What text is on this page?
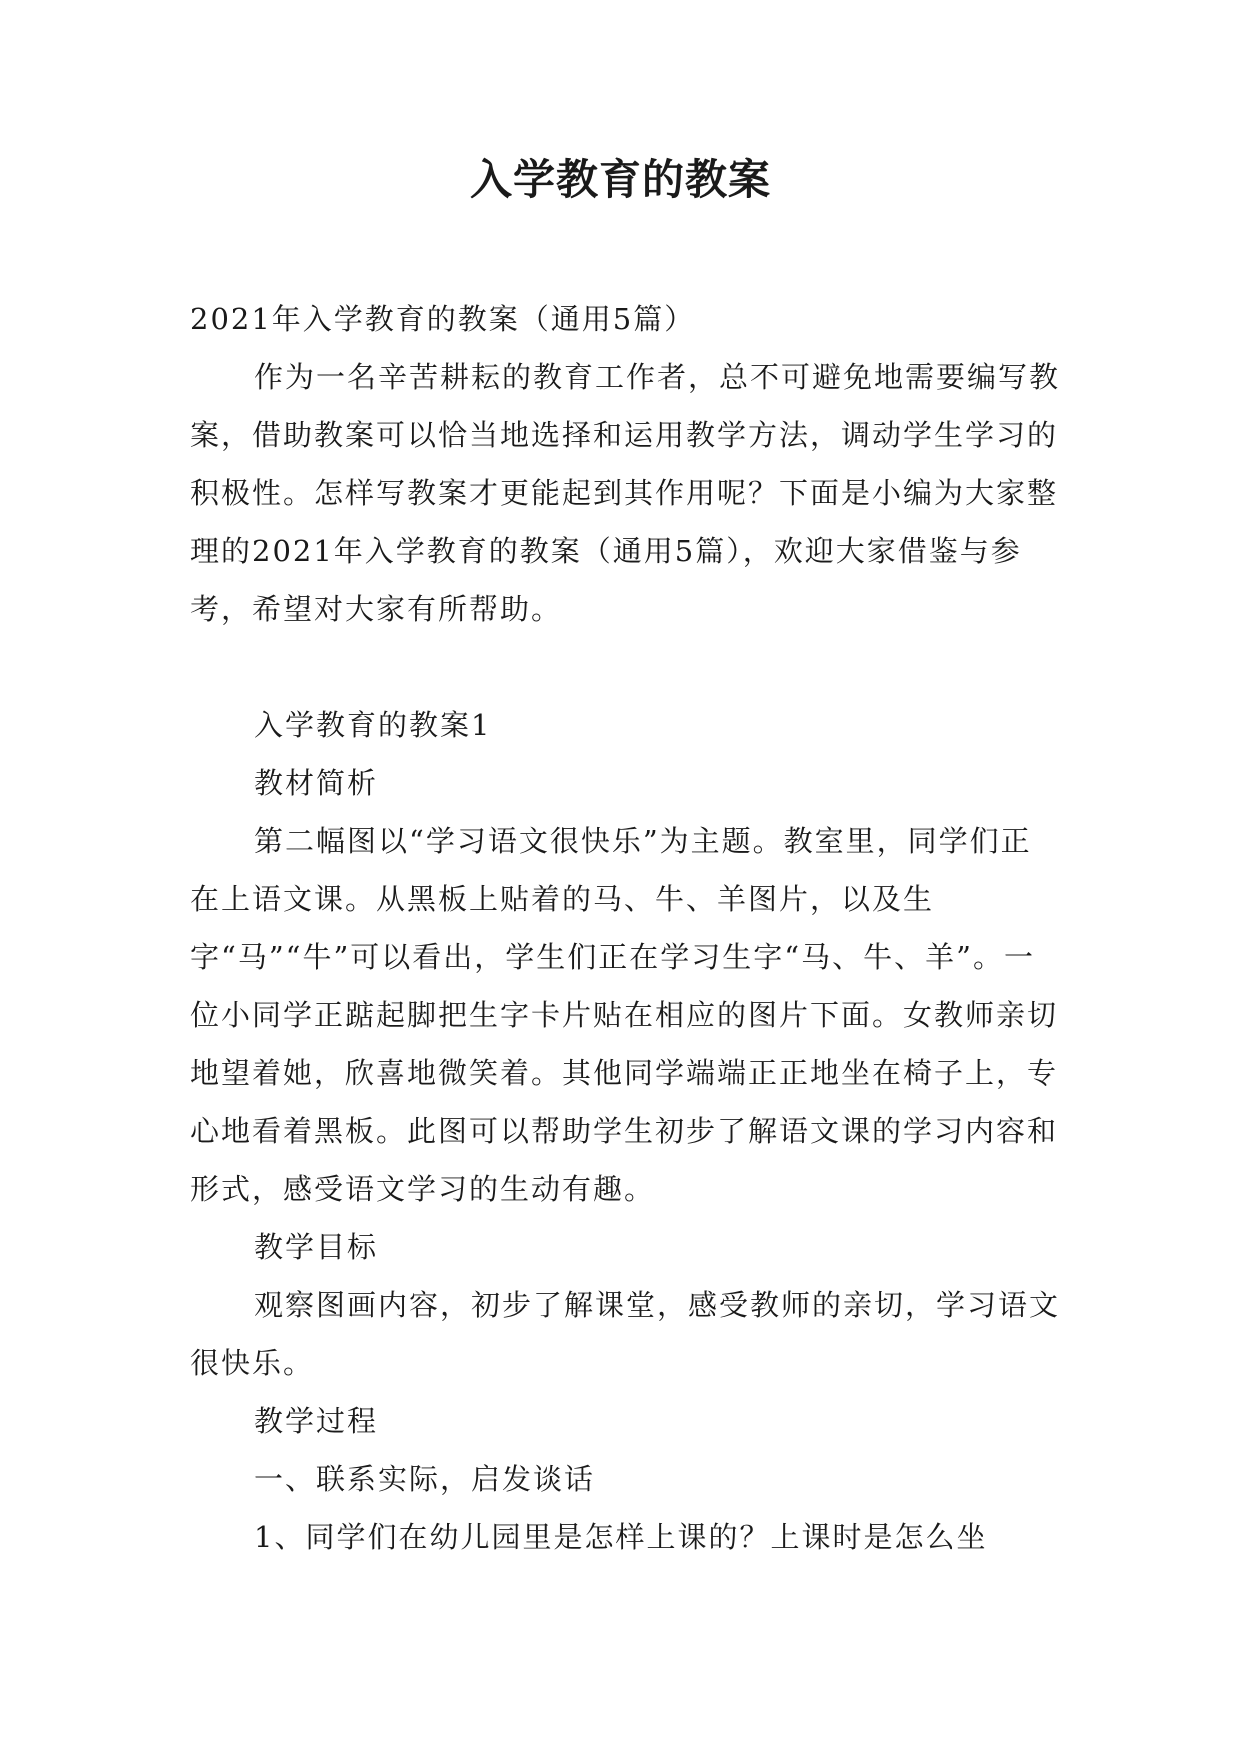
入学教育的教案

2021年入学教育的教案（通用5篇）

作为一名辛苦耕耘的教育工作者，总不可避免地需要编写教案，借助教案可以恰当地选择和运用教学方法，调动学生学习的积极性。怎样写教案才更能起到其作用呢？下面是小编为大家整理的2021年入学教育的教案（通用5篇），欢迎大家借鉴与参考，希望对大家有所帮助。

入学教育的教案1

教材简析

第二幅图以“学习语文很快乐”为主题。教室里，同学们正在上语文课。从黑板上贴着的马、牛、羊图片，以及生字“马”“牛”可以看出，学生们正在学习生字“马、牛、羊”。一位小同学正踮起脚把生字卡片贴在相应的图片下面。女教师亲切地望着她，欣喜地微笑着。其他同学端端正正地坐在椅子上，专心地看着黑板。此图可以帮助学生初步了解语文课的学习内容和形式，感受语文学习的生动有趣。

教学目标

观察图画内容，初步了解课堂，感受教师的亲切，学习语文很快乐。

教学过程

一、联系实际，启发谈话

1、同学们在幼儿园里是怎样上课的？上课时是怎么坐
